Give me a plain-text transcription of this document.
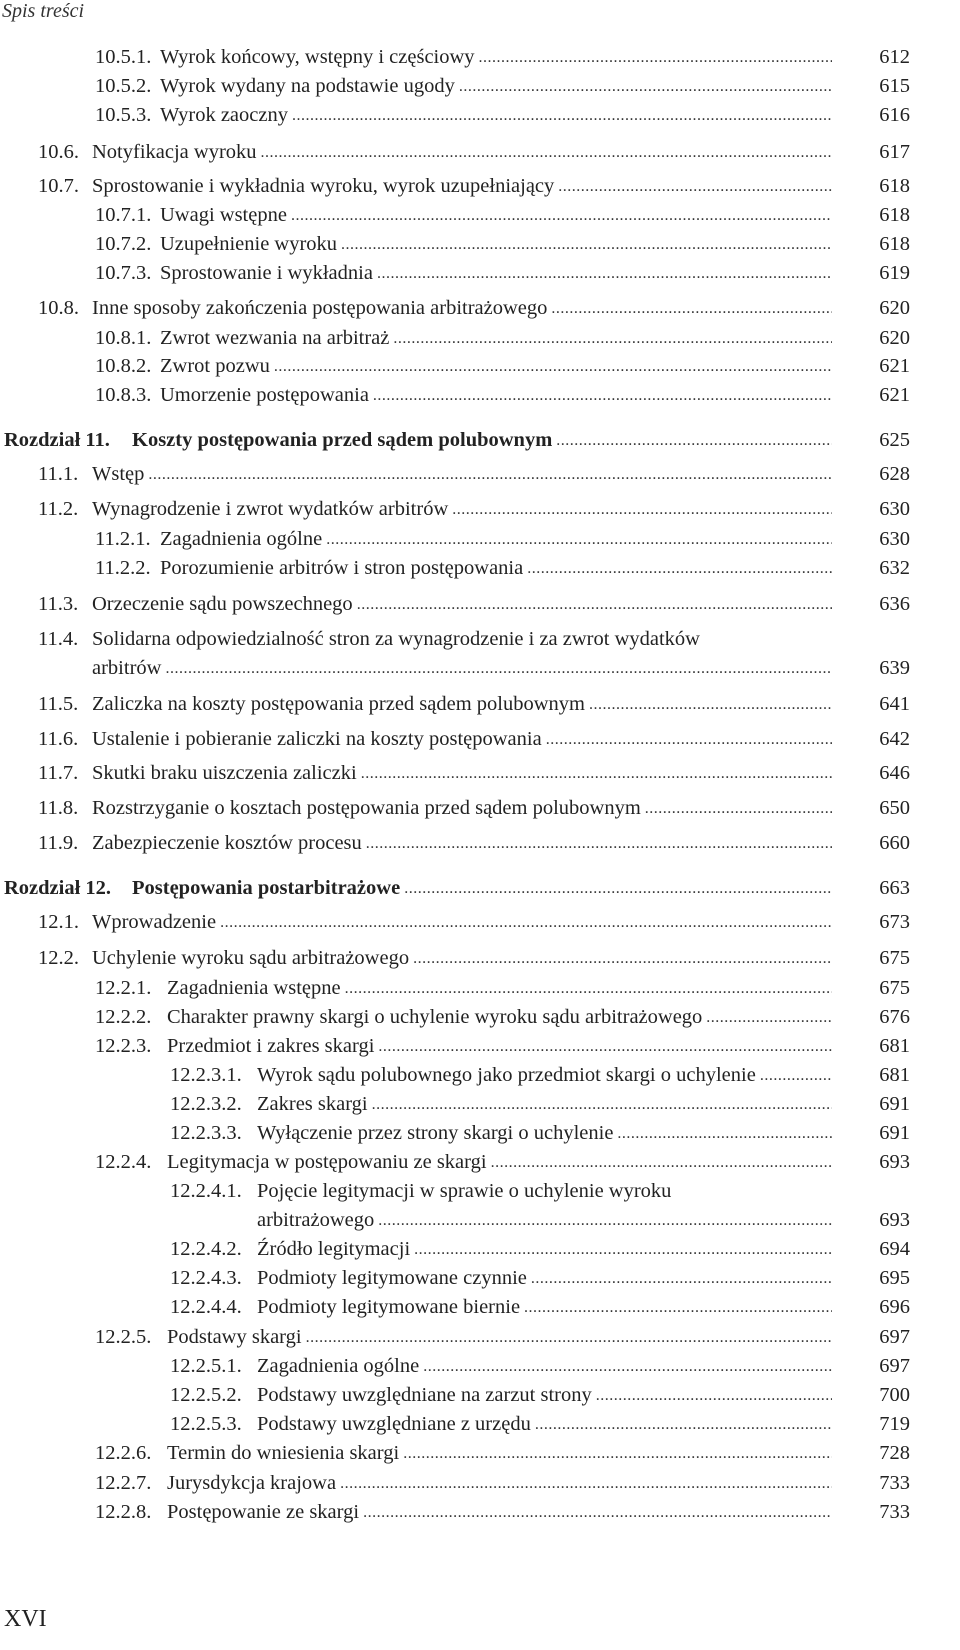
Spis treści
10.5.1. Wyrok końcowy, wstępny i częściowy .....	612
10.5.2. Wyrok wydany na podstawie ugody .....	615
10.5.3. Wyrok zaoczny .....	616
10.6. Notyfikacja wyroku .....	617
10.7. Sprostowanie i wykładnia wyroku, wyrok uzupełniający .....	618
10.7.1. Uwagi wstępne .....	618
10.7.2. Uzupełnienie wyroku .....	618
10.7.3. Sprostowanie i wykładnia .....	619
10.8. Inne sposoby zakończenia postępowania arbitrażowego .....	620
10.8.1. Zwrot wezwania na arbitraż .....	620
10.8.2. Zwrot pozwu .....	621
10.8.3. Umorzenie postępowania .....	621
Rozdział 11. Koszty postępowania przed sądem polubownym .....	625
11.1. Wstęp .....	628
11.2. Wynagrodzenie i zwrot wydatków arbitrów .....	630
11.2.1. Zagadnienia ogólne .....	630
11.2.2. Porozumienie arbitrów i stron postępowania .....	632
11.3. Orzeczenie sądu powszechnego .....	636
11.4. Solidarna odpowiedzialność stron za wynagrodzenie i za zwrot wydatków
arbitrów .....	639
11.5. Zaliczka na koszty postępowania przed sądem polubownym .....	641
11.6. Ustalenie i pobieranie zaliczki na koszty postępowania .....	642
11.7. Skutki braku uiszczenia zaliczki .....	646
11.8. Rozstrzyganie o kosztach postępowania przed sądem polubownym .....	650
11.9. Zabezpieczenie kosztów procesu .....	660
Rozdział 12. Postępowania postarbitrażowe .....	663
12.1. Wprowadzenie .....	673
12.2. Uchylenie wyroku sądu arbitrażowego .....	675
12.2.1. Zagadnienia wstępne .....	675
12.2.2. Charakter prawny skargi o uchylenie wyroku sądu arbitrażowego .....	676
12.2.3. Przedmiot i zakres skargi .....	681
12.2.3.1. Wyrok sądu polubownego jako przedmiot skargi o uchylenie .....	681
12.2.3.2. Zakres skargi .....	691
12.2.3.3. Wyłączenie przez strony skargi o uchylenie .....	691
12.2.4. Legitymacja w postępowaniu ze skargi .....	693
12.2.4.1. Pojęcie legitymacji w sprawie o uchylenie wyroku
arbitrażowego .....	693
12.2.4.2. Źródło legitymacji .....	694
12.2.4.3. Podmioty legitymowane czynnie .....	695
12.2.4.4. Podmioty legitymowane biernie .....	696
12.2.5. Podstawy skargi .....	697
12.2.5.1. Zagadnienia ogólne .....	697
12.2.5.2. Podstawy uwzględniane na zarzut strony .....	700
12.2.5.3. Podstawy uwzględniane z urzędu .....	719
12.2.6. Termin do wniesienia skargi .....	728
12.2.7. Jurysdykcja krajowa .....	733
12.2.8. Postępowanie ze skargi .....	733
XVI
